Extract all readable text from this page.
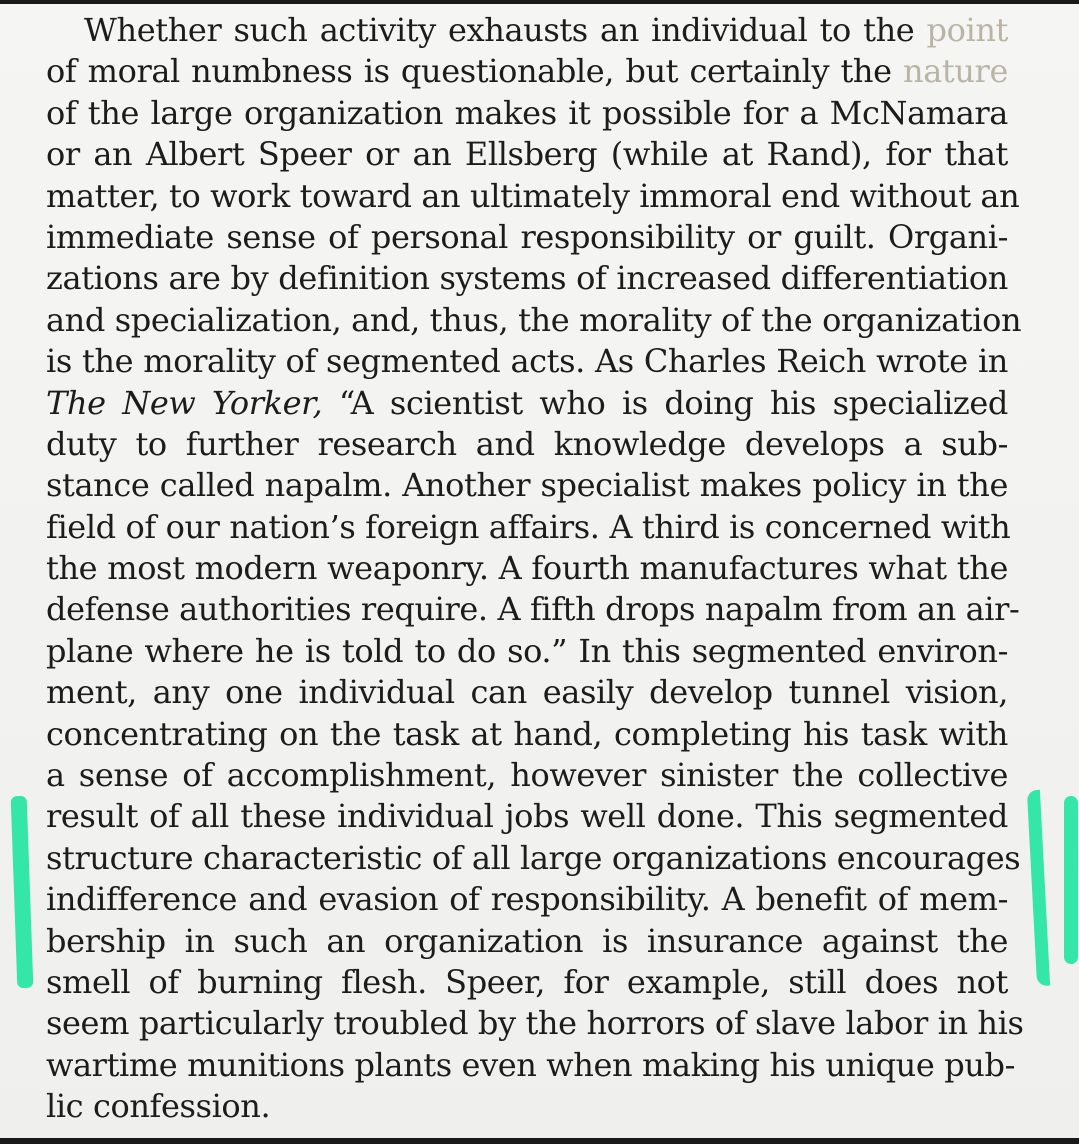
Whether such activity exhausts an individual to the point
of moral numbness is questionable, but certainly the nature
of the large organization makes it possible for a McNamara
or an Albert Speer or an Ellsberg (while at Rand), for that
matter, to work toward an ultimately immoral end without an
immediate sense of personal responsibility or guilt. Organi-
zations are by definition systems of increased differentiation
and specialization, and, thus, the morality of the organization
is the morality of segmented acts. As Charles Reich wrote in
The New Yorker, “A scientist who is doing his specialized
duty to further research and knowledge develops a sub-
stance called napalm. Another specialist makes policy in the
field of our nation’s foreign affairs. A third is concerned with
the most modern weaponry. A fourth manufactures what the
defense authorities require. A fifth drops napalm from an air-
plane where he is told to do so.” In this segmented environ-
ment, any one individual can easily develop tunnel vision,
concentrating on the task at hand, completing his task with
a sense of accomplishment, however sinister the collective
result of all these individual jobs well done. This segmented
structure characteristic of all large organizations encourages
indifference and evasion of responsibility. A benefit of mem-
bership in such an organization is insurance against the
smell of burning flesh. Speer, for example, still does not
seem particularly troubled by the horrors of slave labor in his
wartime munitions plants even when making his unique pub-
lic confession.
